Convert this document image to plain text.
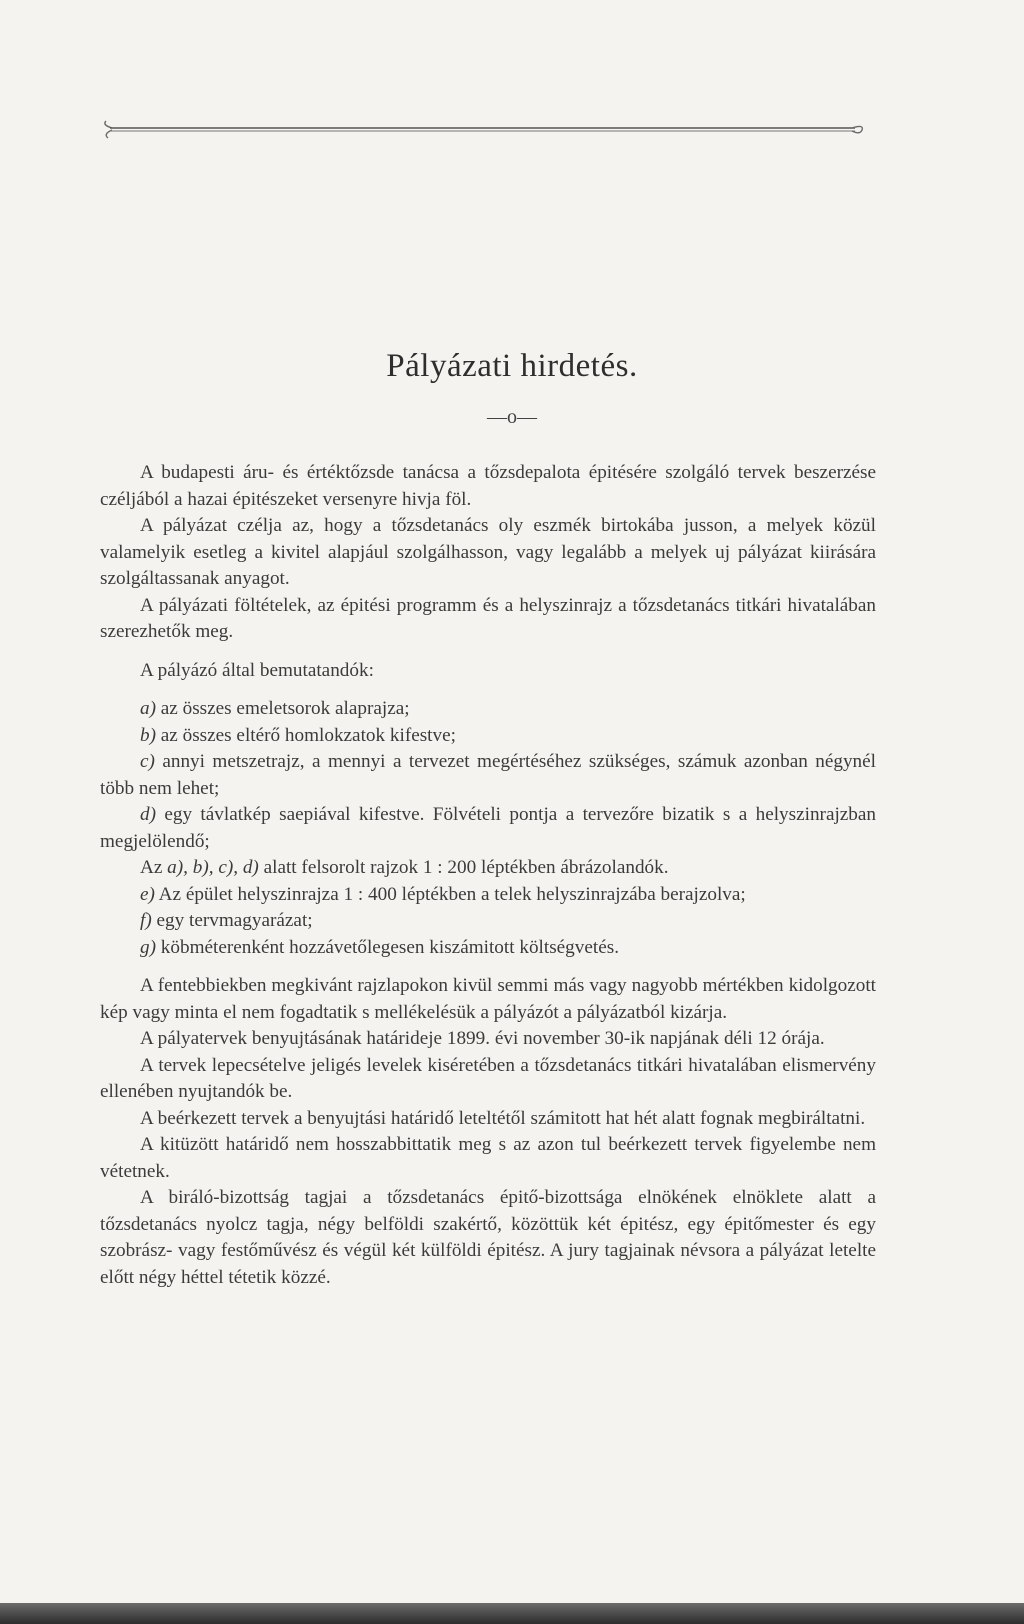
Pályázati hirdetés.
—o—

A budapesti áru- és értéktőzsde tanácsa a tőzsdepalota épitésére szolgáló tervek beszerzése czéljából a hazai épitészeket versenyre hivja föl.

A pályázat czélja az, hogy a tőzsdetanács oly eszmék birtokába jusson, a melyek közül valamelyik esetleg a kivitel alapjául szolgálhasson, vagy legalább a melyek uj pályázat kiirására szolgáltassanak anyagot.

A pályázati föltételek, az épitési programm és a helyszinrajz a tőzsdetanács titkári hivatalában szerezhetők meg.

A pályázó által bemutatandók:

a) az összes emeletsorok alaprajza;

b) az összes eltérő homlokzatok kifestve;

c) annyi metszetrajz, a mennyi a tervezet megértéséhez szükséges, számuk azonban négynél több nem lehet;

d) egy távlatkép saepiával kifestve. Fölvételi pontja a tervezőre bizatik s a helyszinrajzban megjelölendő;

Az a), b), c), d) alatt felsorolt rajzok 1 : 200 léptékben ábrázolandók.

e) Az épület helyszinrajza 1 : 400 léptékben a telek helyszinrajzába berajzolva;

f) egy tervmagyarázat;

g) köbméterenként hozzávetőlegesen kiszámitott költségvetés.

A fentebbiekben megkivánt rajzlapokon kivül semmi más vagy nagyobb mértékben kidolgozott kép vagy minta el nem fogadtatik s mellékelésük a pályázót a pályázatból kizárja.

A pályatervek benyujtásának határideje 1899. évi november 30-ik napjának déli 12 órája.

A tervek lepecsételve jeligés levelek kiséretében a tőzsdetanács titkári hivatalában elismervény ellenében nyujtandók be.

A beérkezett tervek a benyujtási határidő leteltétől számitott hat hét alatt fognak megbiráltatni.

A kitüzött határidő nem hosszabbittatik meg s az azon tul beérkezett tervek figyelembe nem vétetnek.

A biráló-bizottság tagjai a tőzsdetanács épitő-bizottsága elnökének elnöklete alatt a tőzsdetanács nyolcz tagja, négy belföldi szakértő, közöttük két épitész, egy épitőmester és egy szobrász- vagy festőművész és végül két külföldi épitész. A jury tagjainak névsora a pályázat letelte előtt négy héttel tétetik közzé.
